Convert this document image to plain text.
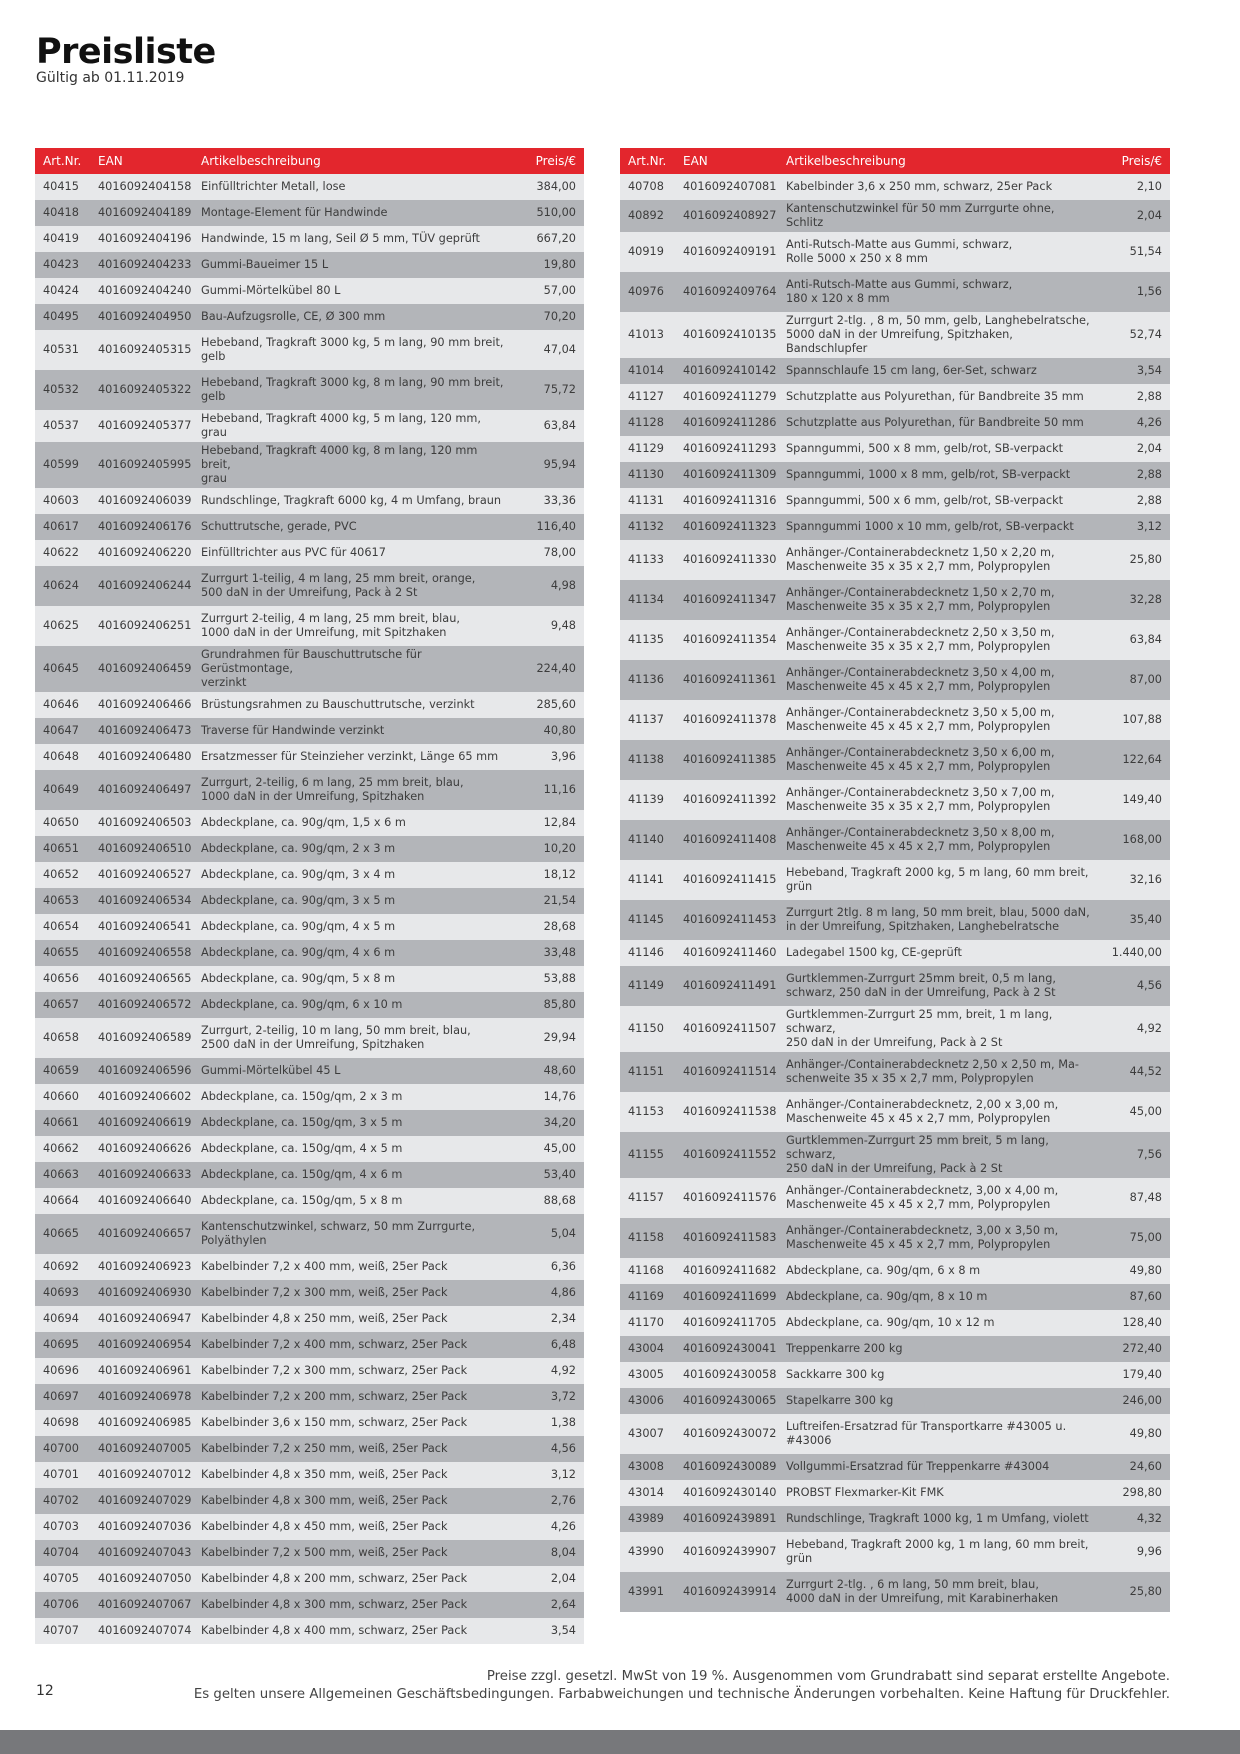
Preisliste
Gültig ab 01.11.2019
Art.Nr.	EAN	Artikelbeschreibung	Preis/€
40415	4016092404158	Einfülltrichter Metall, lose	384,00
40418	4016092404189	Montage-Element für Handwinde	510,00
40419	4016092404196	Handwinde, 15 m lang, Seil Ø 5 mm, TÜV geprüft	667,20
40423	4016092404233	Gummi-Baueimer 15 L	19,80
40424	4016092404240	Gummi-Mörtelkübel 80 L	57,00
40495	4016092404950	Bau-Aufzugsrolle, CE, Ø 300 mm	70,20
40531	4016092405315	Hebeband, Tragkraft 3000 kg, 5 m lang, 90 mm breit,
gelb	47,04
40532	4016092405322	Hebeband, Tragkraft 3000 kg, 8 m lang, 90 mm breit,
gelb	75,72
40537	4016092405377	Hebeband, Tragkraft 4000 kg, 5 m lang, 120 mm, grau	63,84
40599	4016092405995	Hebeband, Tragkraft 4000 kg, 8 m lang, 120 mm breit,
grau	95,94
40603	4016092406039	Rundschlinge, Tragkraft 6000 kg, 4 m Umfang, braun	33,36
40617	4016092406176	Schuttrutsche, gerade, PVC	116,40
40622	4016092406220	Einfülltrichter aus PVC für 40617	78,00
40624	4016092406244	Zurrgurt 1-teilig, 4 m lang, 25 mm breit, orange,
500 daN in der Umreifung, Pack à 2 St	4,98
40625	4016092406251	Zurrgurt 2-teilig, 4 m lang, 25 mm breit, blau,
1000 daN in der Umreifung, mit Spitzhaken	9,48
40645	4016092406459	Grundrahmen für Bauschuttrutsche für Gerüstmontage,
verzinkt	224,40
40646	4016092406466	Brüstungsrahmen zu Bauschuttrutsche, verzinkt	285,60
40647	4016092406473	Traverse für Handwinde verzinkt	40,80
40648	4016092406480	Ersatzmesser für Steinzieher verzinkt, Länge 65 mm	3,96
40649	4016092406497	Zurrgurt, 2-teilig, 6 m lang, 25 mm breit, blau,
1000 daN in der Umreifung, Spitzhaken	11,16
40650	4016092406503	Abdeckplane, ca. 90g/qm, 1,5 x 6 m	12,84
40651	4016092406510	Abdeckplane, ca. 90g/qm, 2 x 3 m	10,20
40652	4016092406527	Abdeckplane, ca. 90g/qm, 3 x 4 m	18,12
40653	4016092406534	Abdeckplane, ca. 90g/qm, 3 x 5 m	21,54
40654	4016092406541	Abdeckplane, ca. 90g/qm, 4 x 5 m	28,68
40655	4016092406558	Abdeckplane, ca. 90g/qm, 4 x 6 m	33,48
40656	4016092406565	Abdeckplane, ca. 90g/qm, 5 x 8 m	53,88
40657	4016092406572	Abdeckplane, ca. 90g/qm, 6 x 10 m	85,80
40658	4016092406589	Zurrgurt, 2-teilig, 10 m lang, 50 mm breit, blau,
2500 daN in der Umreifung, Spitzhaken	29,94
40659	4016092406596	Gummi-Mörtelkübel 45 L	48,60
40660	4016092406602	Abdeckplane, ca. 150g/qm, 2 x 3 m	14,76
40661	4016092406619	Abdeckplane, ca. 150g/qm, 3 x 5 m	34,20
40662	4016092406626	Abdeckplane, ca. 150g/qm, 4 x 5 m	45,00
40663	4016092406633	Abdeckplane, ca. 150g/qm, 4 x 6 m	53,40
40664	4016092406640	Abdeckplane, ca. 150g/qm, 5 x 8 m	88,68
40665	4016092406657	Kantenschutzwinkel, schwarz, 50 mm Zurrgurte,
Polyäthylen	5,04
40692	4016092406923	Kabelbinder 7,2 x 400 mm, weiß, 25er Pack	6,36
40693	4016092406930	Kabelbinder 7,2 x 300 mm, weiß, 25er Pack	4,86
40694	4016092406947	Kabelbinder 4,8 x 250 mm, weiß, 25er Pack	2,34
40695	4016092406954	Kabelbinder 7,2 x 400 mm, schwarz, 25er Pack	6,48
40696	4016092406961	Kabelbinder 7,2 x 300 mm, schwarz, 25er Pack	4,92
40697	4016092406978	Kabelbinder 7,2 x 200 mm, schwarz, 25er Pack	3,72
40698	4016092406985	Kabelbinder 3,6 x 150 mm, schwarz, 25er Pack	1,38
40700	4016092407005	Kabelbinder 7,2 x 250 mm, weiß, 25er Pack	4,56
40701	4016092407012	Kabelbinder 4,8 x 350 mm, weiß, 25er Pack	3,12
40702	4016092407029	Kabelbinder 4,8 x 300 mm, weiß, 25er Pack	2,76
40703	4016092407036	Kabelbinder 4,8 x 450 mm, weiß, 25er Pack	4,26
40704	4016092407043	Kabelbinder 7,2 x 500 mm, weiß, 25er Pack	8,04
40705	4016092407050	Kabelbinder 4,8 x 200 mm, schwarz, 25er Pack	2,04
40706	4016092407067	Kabelbinder 4,8 x 300 mm, schwarz, 25er Pack	2,64
40707	4016092407074	Kabelbinder 4,8 x 400 mm, schwarz, 25er Pack	3,54
Art.Nr.	EAN	Artikelbeschreibung	Preis/€
40708	4016092407081	Kabelbinder 3,6 x 250 mm, schwarz, 25er Pack	2,10
40892	4016092408927	Kantenschutzwinkel für 50 mm Zurrgurte ohne, Schlitz	2,04
40919	4016092409191	Anti-Rutsch-Matte aus Gummi, schwarz,
Rolle 5000 x 250 x 8 mm	51,54
40976	4016092409764	Anti-Rutsch-Matte aus Gummi, schwarz,
180 x 120 x 8 mm	1,56
41013	4016092410135	Zurrgurt 2-tlg. , 8 m, 50 mm, gelb, Langhebelratsche,
5000 daN in der Umreifung, Spitzhaken, Bandschlupfer	52,74
41014	4016092410142	Spannschlaufe 15 cm lang, 6er-Set, schwarz	3,54
41127	4016092411279	Schutzplatte aus Polyurethan, für Bandbreite 35 mm	2,88
41128	4016092411286	Schutzplatte aus Polyurethan, für Bandbreite 50 mm	4,26
41129	4016092411293	Spanngummi, 500 x 8 mm, gelb/rot, SB-verpackt	2,04
41130	4016092411309	Spanngummi, 1000 x 8 mm, gelb/rot, SB-verpackt	2,88
41131	4016092411316	Spanngummi, 500 x 6 mm, gelb/rot, SB-verpackt	2,88
41132	4016092411323	Spanngummi 1000 x 10 mm, gelb/rot, SB-verpackt	3,12
41133	4016092411330	Anhänger-/Containerabdecknetz 1,50 x 2,20 m,
Maschenweite 35 x 35 x 2,7 mm, Polypropylen	25,80
41134	4016092411347	Anhänger-/Containerabdecknetz 1,50 x 2,70 m,
Maschenweite 35 x 35 x 2,7 mm, Polypropylen	32,28
41135	4016092411354	Anhänger-/Containerabdecknetz 2,50 x 3,50 m,
Maschenweite 35 x 35 x 2,7 mm, Polypropylen	63,84
41136	4016092411361	Anhänger-/Containerabdecknetz 3,50 x 4,00 m,
Maschenweite 45 x 45 x 2,7 mm, Polypropylen	87,00
41137	4016092411378	Anhänger-/Containerabdecknetz 3,50 x 5,00 m,
Maschenweite 45 x 45 x 2,7 mm, Polypropylen	107,88
41138	4016092411385	Anhänger-/Containerabdecknetz 3,50 x 6,00 m,
Maschenweite 45 x 45 x 2,7 mm, Polypropylen	122,64
41139	4016092411392	Anhänger-/Containerabdecknetz 3,50 x 7,00 m,
Maschenweite 35 x 35 x 2,7 mm, Polypropylen	149,40
41140	4016092411408	Anhänger-/Containerabdecknetz 3,50 x 8,00 m,
Maschenweite 45 x 45 x 2,7 mm, Polypropylen	168,00
41141	4016092411415	Hebeband, Tragkraft 2000 kg, 5 m lang, 60 mm breit,
grün	32,16
41145	4016092411453	Zurrgurt 2tlg. 8 m lang, 50 mm breit, blau, 5000 daN,
in der Umreifung, Spitzhaken, Langhebelratsche	35,40
41146	4016092411460	Ladegabel 1500 kg, CE-geprüft	1.440,00
41149	4016092411491	Gurtklemmen-Zurrgurt 25mm breit, 0,5 m lang,
schwarz, 250 daN in der Umreifung, Pack à 2 St	4,56
41150	4016092411507	Gurtklemmen-Zurrgurt 25 mm, breit, 1 m lang, schwarz,
250 daN in der Umreifung, Pack à 2 St	4,92
41151	4016092411514	Anhänger-/Containerabdecknetz 2,50 x 2,50 m, Ma-
schenweite 35 x 35 x 2,7 mm, Polypropylen	44,52
41153	4016092411538	Anhänger-/Containerabdecknetz, 2,00 x 3,00 m,
Maschenweite 45 x 45 x 2,7 mm, Polypropylen	45,00
41155	4016092411552	Gurtklemmen-Zurrgurt 25 mm breit, 5 m lang, schwarz,
250 daN in der Umreifung, Pack à 2 St	7,56
41157	4016092411576	Anhänger-/Containerabdecknetz, 3,00 x 4,00 m,
Maschenweite 45 x 45 x 2,7 mm, Polypropylen	87,48
41158	4016092411583	Anhänger-/Containerabdecknetz, 3,00 x 3,50 m,
Maschenweite 45 x 45 x 2,7 mm, Polypropylen	75,00
41168	4016092411682	Abdeckplane, ca. 90g/qm, 6 x 8 m	49,80
41169	4016092411699	Abdeckplane, ca. 90g/qm, 8 x 10 m	87,60
41170	4016092411705	Abdeckplane, ca. 90g/qm, 10 x 12 m	128,40
43004	4016092430041	Treppenkarre 200 kg	272,40
43005	4016092430058	Sackkarre 300 kg	179,40
43006	4016092430065	Stapelkarre 300 kg	246,00
43007	4016092430072	Luftreifen-Ersatzrad für Transportkarre #43005 u.
#43006	49,80
43008	4016092430089	Vollgummi-Ersatzrad für Treppenkarre #43004	24,60
43014	4016092430140	PROBST Flexmarker-Kit FMK	298,80
43989	4016092439891	Rundschlinge, Tragkraft 1000 kg, 1 m Umfang, violett	4,32
43990	4016092439907	Hebeband, Tragkraft 2000 kg, 1 m lang, 60 mm breit,
grün	9,96
43991	4016092439914	Zurrgurt 2-tlg. , 6 m lang, 50 mm breit, blau,
4000 daN in der Umreifung, mit Karabinerhaken	25,80
12
Preise zzgl. gesetzl. MwSt von 19 %. Ausgenommen vom Grundrabatt sind separat erstellte Angebote.
Es gelten unsere Allgemeinen Geschäftsbedingungen. Farbabweichungen und technische Änderungen vorbehalten. Keine Haftung für Druckfehler.
